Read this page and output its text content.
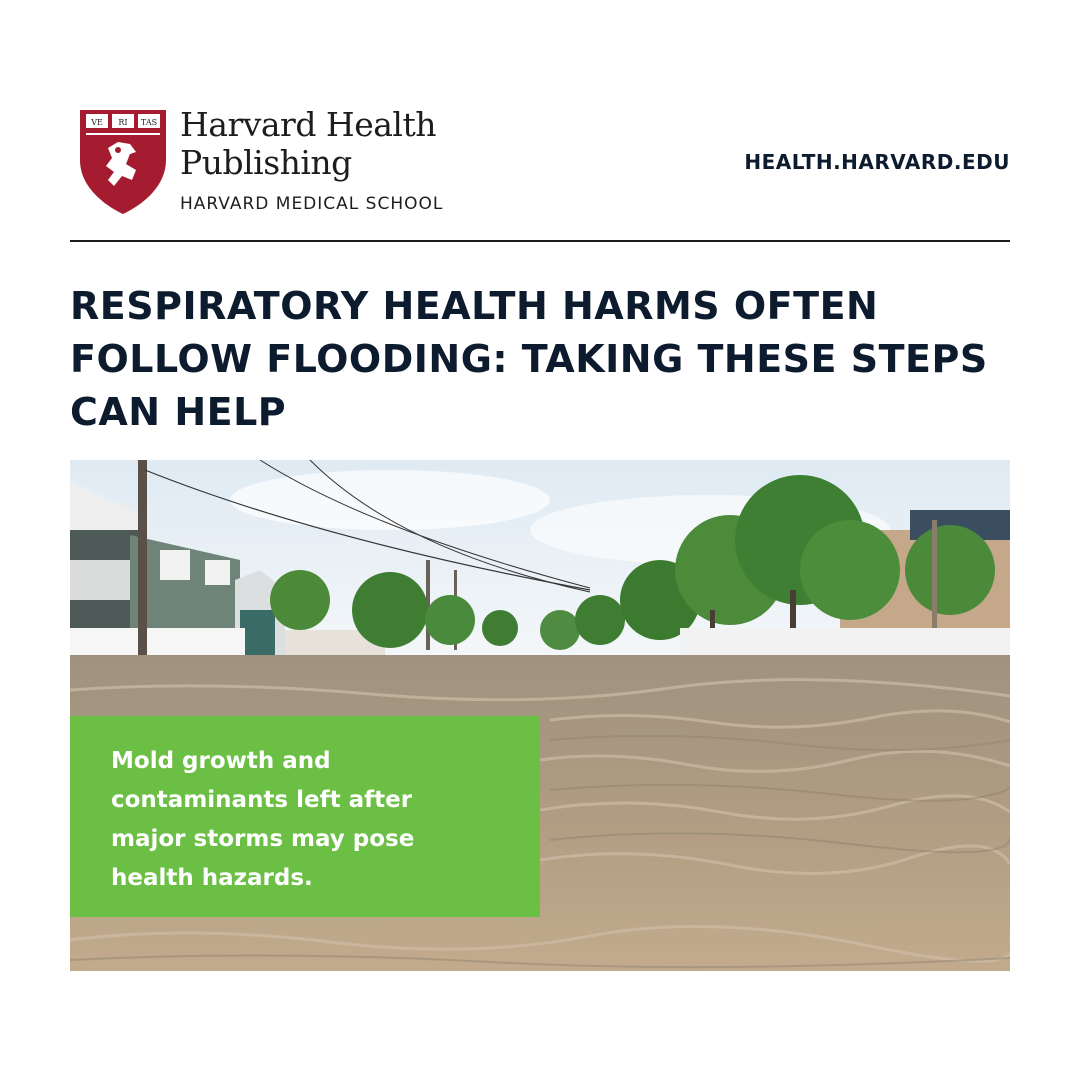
VE RI TAS Harvard Health
Publishing
HARVARD MEDICAL SCHOOL
HEALTH.HARVARD.EDU
RESPIRATORY HEALTH HARMS OFTEN FOLLOW FLOODING: TAKING THESE STEPS CAN HELP

Mold growth and contaminants left after major storms may pose health hazards.
